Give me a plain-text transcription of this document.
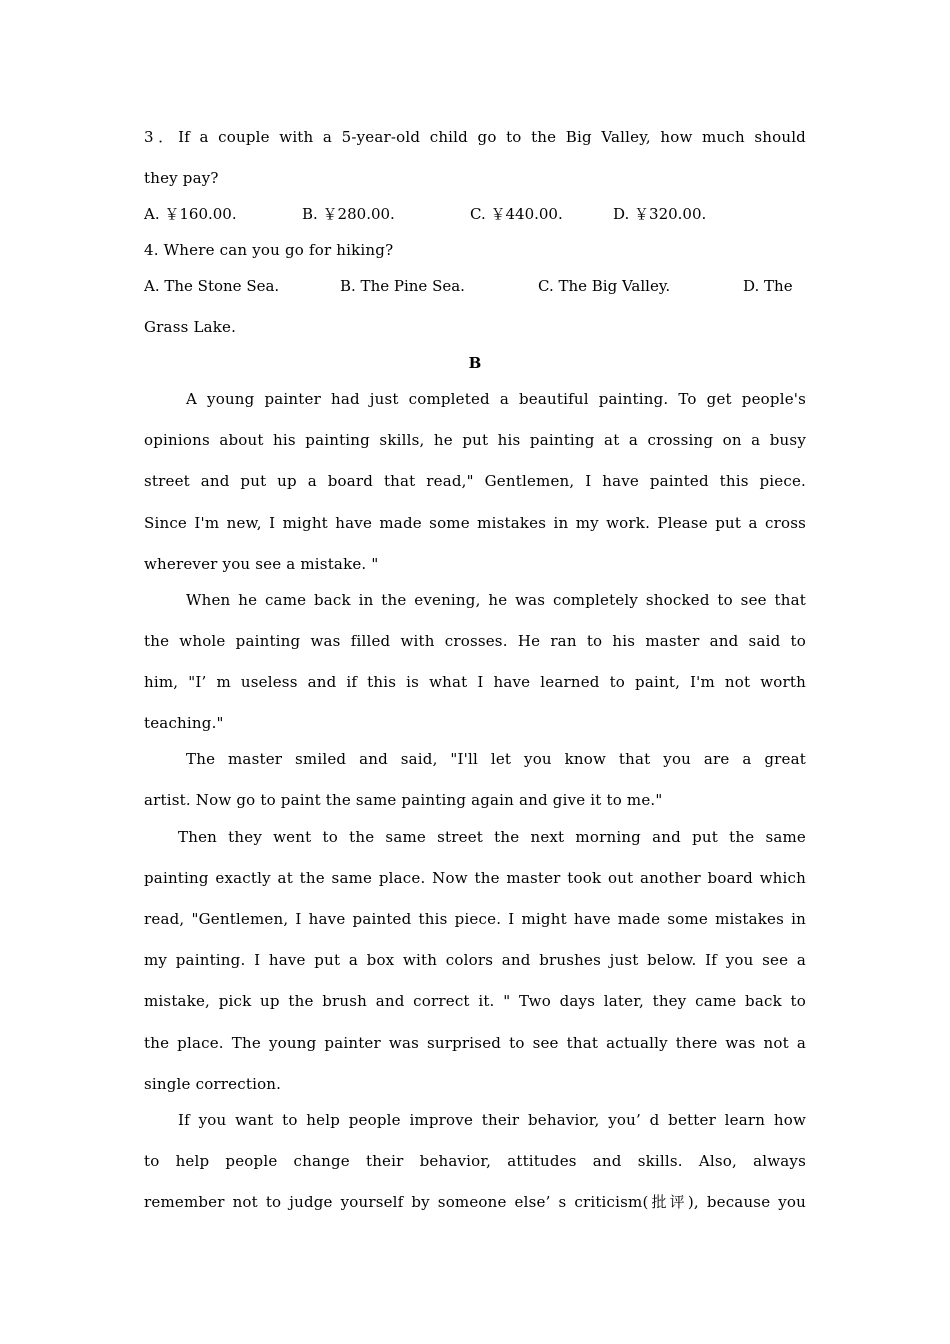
3．If a couple with a 5-year-old child go to the Big Valley, how much should
they pay?
A. ￥160.00.	B. ￥280.00.	C. ￥440.00.	D. ￥320.00.
4. Where can you go for hiking?
A. The Stone Sea.	B. The Pine Sea.	C. The Big Valley.	D. The
Grass Lake.
B
A young painter had just completed a beautiful painting. To get people's
opinions about his painting skills, he put his painting at a crossing on a busy
street and put up a board that read," Gentlemen, I have painted this piece.
Since I'm new, I might have made some mistakes in my work. Please put a cross
wherever you see a mistake. "
When he came back in the evening, he was completely shocked to see that
the whole painting was filled with crosses. He ran to his master and said to
him, "I’ m useless and if this is what I have learned to paint, I'm not worth
teaching."
The master smiled and said, "I'll let you know that you are a great
artist. Now go to paint the same painting again and give it to me."
Then they went to the same street the next morning and put the same
painting exactly at the same place. Now the master took out another board which
read, "Gentlemen, I have painted this piece. I might have made some mistakes in
my painting. I have put a box with colors and brushes just below. If you see a
mistake, pick up the brush and correct it. " Two days later, they came back to
the place. The young painter was surprised to see that actually there was not a
single correction.
If you want to help people improve their behavior, you’ d better learn how
to help people change their behavior, attitudes and skills. Also, always
remember not to judge yourself by someone else’ s criticism(批评), because you
